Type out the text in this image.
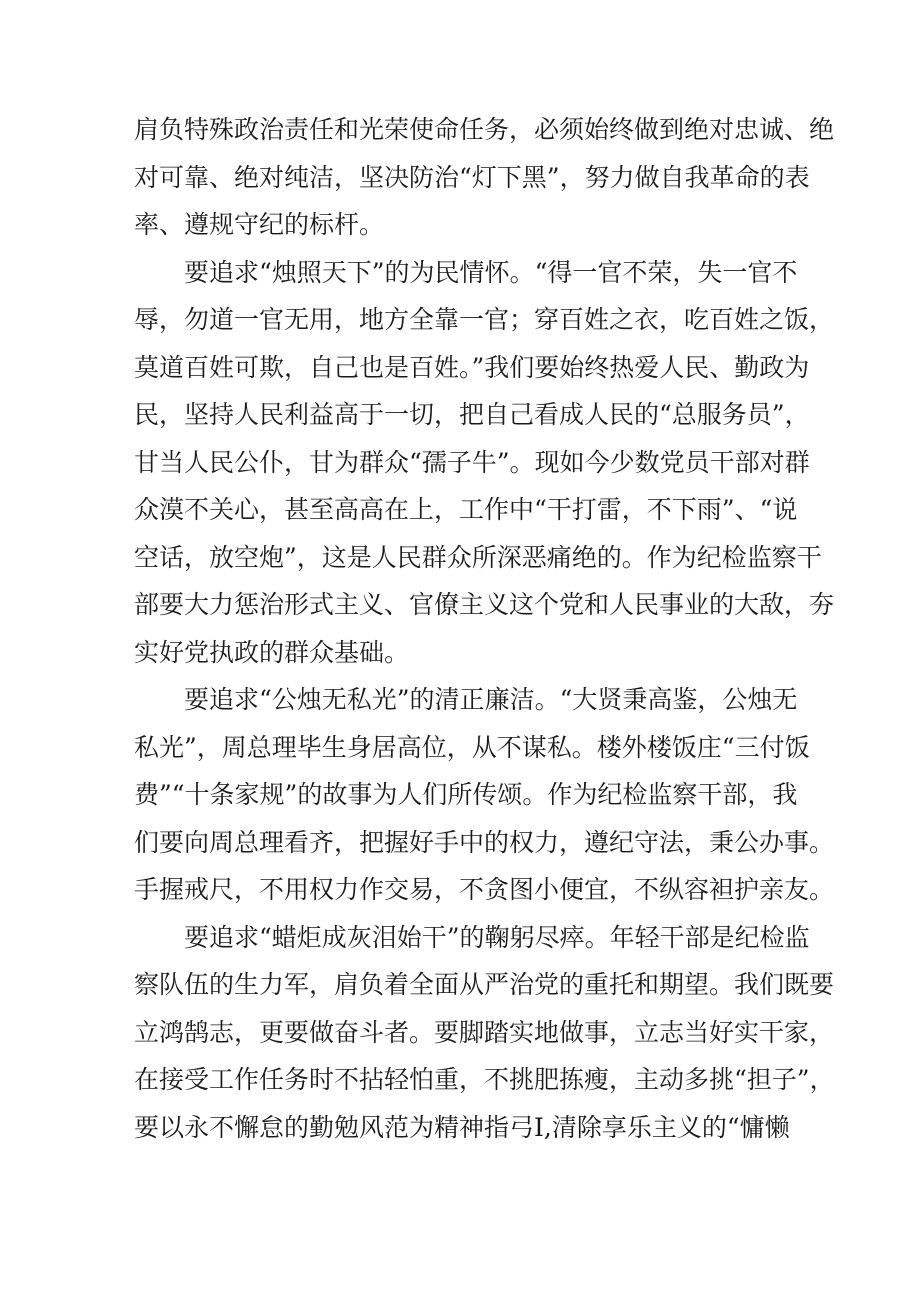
肩负特殊政治责任和光荣使命任务，必须始终做到绝对忠诚、绝
对可靠、绝对纯洁，坚决防治“灯下黑”，努力做自我革命的表
率、遵规守纪的标杆。
要追求“烛照天下”的为民情怀。“得一官不荣，失一官不
辱，勿道一官无用，地方全靠一官；穿百姓之衣，吃百姓之饭，
莫道百姓可欺，自己也是百姓。”我们要始终热爱人民、勤政为
民，坚持人民利益高于一切，把自己看成人民的“总服务员”，
甘当人民公仆，甘为群众“孺子牛”。现如今少数党员干部对群
众漠不关心，甚至高高在上，工作中“干打雷，不下雨”、“说
空话，放空炮”，这是人民群众所深恶痛绝的。作为纪检监察干
部要大力惩治形式主义、官僚主义这个党和人民事业的大敌，夯
实好党执政的群众基础。
要追求“公烛无私光”的清正廉洁。“大贤秉高鉴，公烛无
私光”，周总理毕生身居高位，从不谋私。楼外楼饭庄“三付饭
费”“十条家规”的故事为人们所传颂。作为纪检监察干部，我
们要向周总理看齐，把握好手中的权力，遵纪守法，秉公办事。
手握戒尺，不用权力作交易，不贪图小便宜，不纵容袒护亲友。
要追求“蜡炬成灰泪始干”的鞠躬尽瘁。年轻干部是纪检监
察队伍的生力军，肩负着全面从严治党的重托和期望。我们既要
立鸿鹄志，更要做奋斗者。要脚踏实地做事，立志当好实干家，
在接受工作任务时不拈轻怕重，不挑肥拣瘦，主动多挑“担子”，
要以永不懈怠的勤勉风范为精神指弓I,清除享乐主义的“慵懒
